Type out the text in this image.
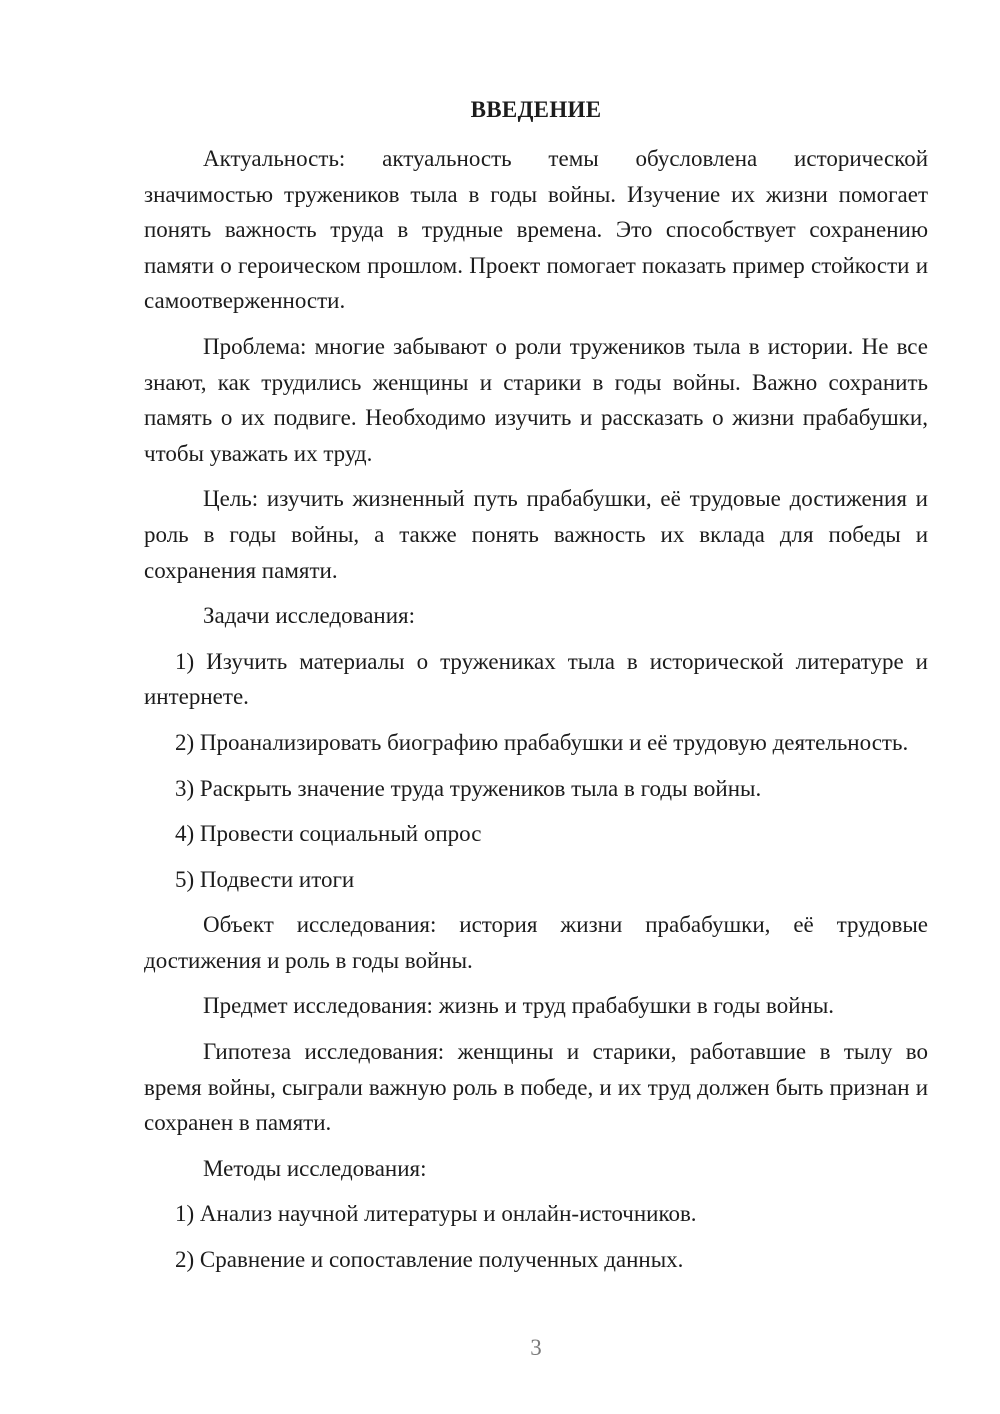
ВВЕДЕНИЕ

Актуальность: актуальность темы обусловлена исторической значимостью тружеников тыла в годы войны. Изучение их жизни помогает понять важность труда в трудные времена. Это способствует сохранению памяти о героическом прошлом. Проект помогает показать пример стойкости и самоотверженности.

Проблема: многие забывают о роли тружеников тыла в истории. Не все знают, как трудились женщины и старики в годы войны. Важно сохранить память о их подвиге. Необходимо изучить и рассказать о жизни прабабушки, чтобы уважать их труд.

Цель: изучить жизненный путь прабабушки, её трудовые достижения и роль в годы войны, а также понять важность их вклада для победы и сохранения памяти.

Задачи исследования:

1) Изучить материалы о тружениках тыла в исторической литературе и интернете.

2) Проанализировать биографию прабабушки и её трудовую деятельность.

3) Раскрыть значение труда тружеников тыла в годы войны.

4) Провести социальный опрос

5) Подвести итоги

Объект исследования: история жизни прабабушки, её трудовые достижения и роль в годы войны.

Предмет исследования: жизнь и труд прабабушки в годы войны.

Гипотеза исследования: женщины и старики, работавшие в тылу во время войны, сыграли важную роль в победе, и их труд должен быть признан и сохранен в памяти.

Методы исследования:

1) Анализ научной литературы и онлайн-источников.

2) Сравнение и сопоставление полученных данных.

3
